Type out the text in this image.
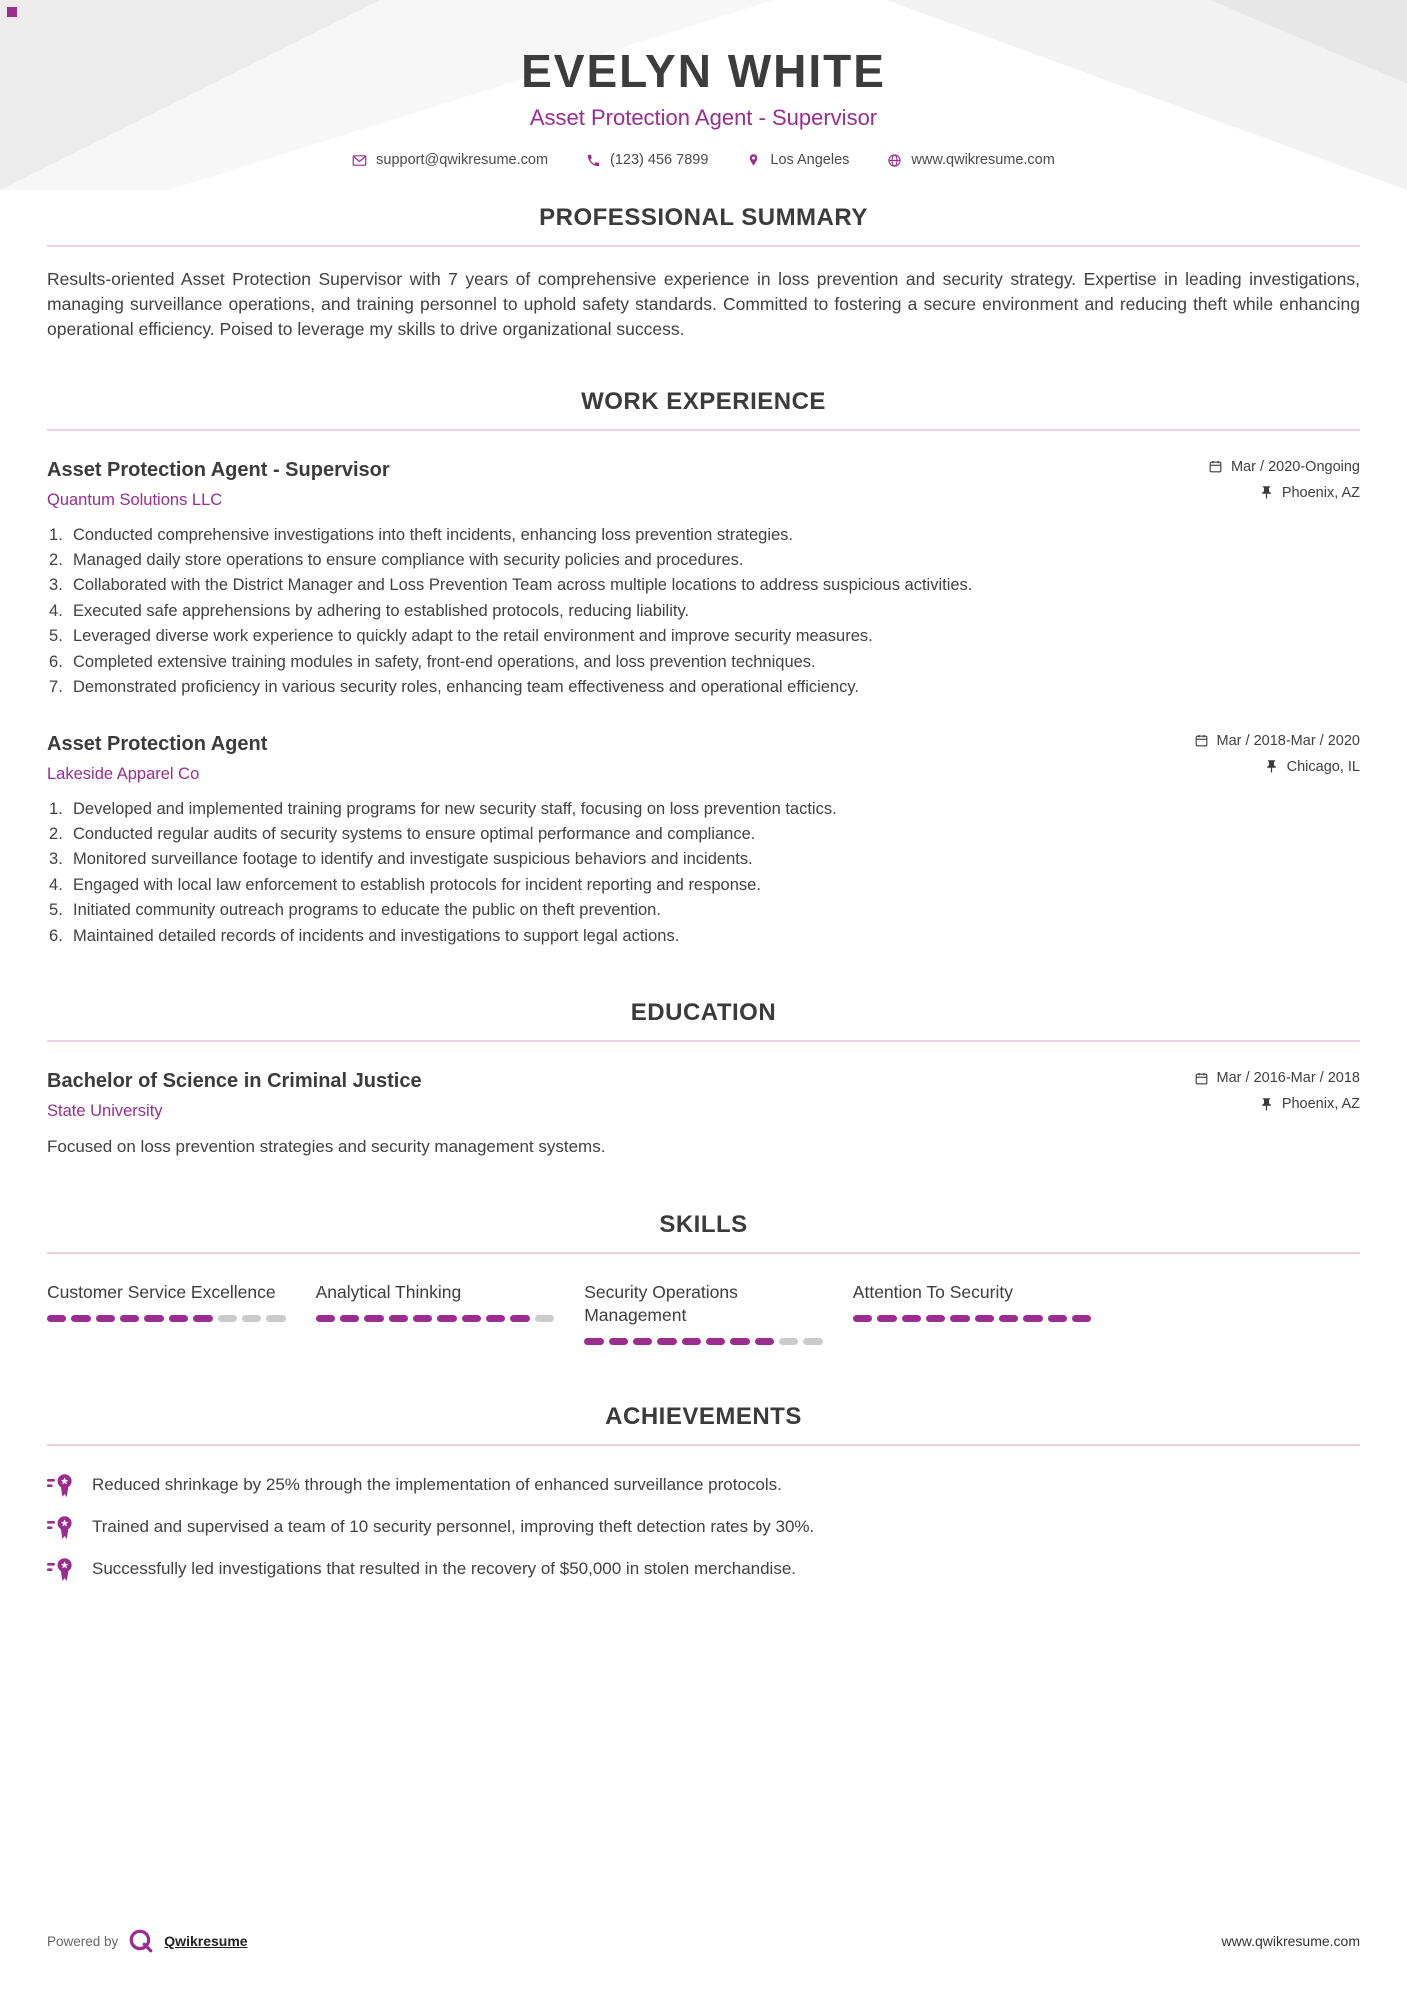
EVELYN WHITE
Asset Protection Agent - Supervisor
support@qwikresume.com	(123) 456 7899	Los Angeles	www.qwikresume.com
PROFESSIONAL SUMMARY

Results-oriented Asset Protection Supervisor with 7 years of comprehensive experience in loss prevention and security strategy. Expertise in leading investigations, managing surveillance operations, and training personnel to uphold safety standards. Committed to fostering a secure environment and reducing theft while enhancing operational efficiency. Poised to leverage my skills to drive organizational success.

WORK EXPERIENCE
Asset Protection Agent - Supervisor
Quantum Solutions LLC
Mar / 2020-Ongoing
Phoenix, AZ
Conducted comprehensive investigations into theft incidents, enhancing loss prevention strategies.
Managed daily store operations to ensure compliance with security policies and procedures.
Collaborated with the District Manager and Loss Prevention Team across multiple locations to address suspicious activities.
Executed safe apprehensions by adhering to established protocols, reducing liability.
Leveraged diverse work experience to quickly adapt to the retail environment and improve security measures.
Completed extensive training modules in safety, front-end operations, and loss prevention techniques.
Demonstrated proficiency in various security roles, enhancing team effectiveness and operational efficiency.
Asset Protection Agent
Lakeside Apparel Co
Mar / 2018-Mar / 2020
Chicago, IL
Developed and implemented training programs for new security staff, focusing on loss prevention tactics.
Conducted regular audits of security systems to ensure optimal performance and compliance.
Monitored surveillance footage to identify and investigate suspicious behaviors and incidents.
Engaged with local law enforcement to establish protocols for incident reporting and response.
Initiated community outreach programs to educate the public on theft prevention.
Maintained detailed records of incidents and investigations to support legal actions.
EDUCATION
Bachelor of Science in Criminal Justice
State University
Mar / 2016-Mar / 2018
Phoenix, AZ

Focused on loss prevention strategies and security management systems.

SKILLS
Customer Service Excellence	Analytical Thinking	Security Operations Management
Attention To Security
ACHIEVEMENTS
Reduced shrinkage by 25% through the implementation of enhanced surveillance protocols.
Trained and supervised a team of 10 security personnel, improving theft detection rates by 30%.
Successfully led investigations that resulted in the recovery of $50,000 in stolen merchandise.
Powered by	Qwikresume	www.qwikresume.com
